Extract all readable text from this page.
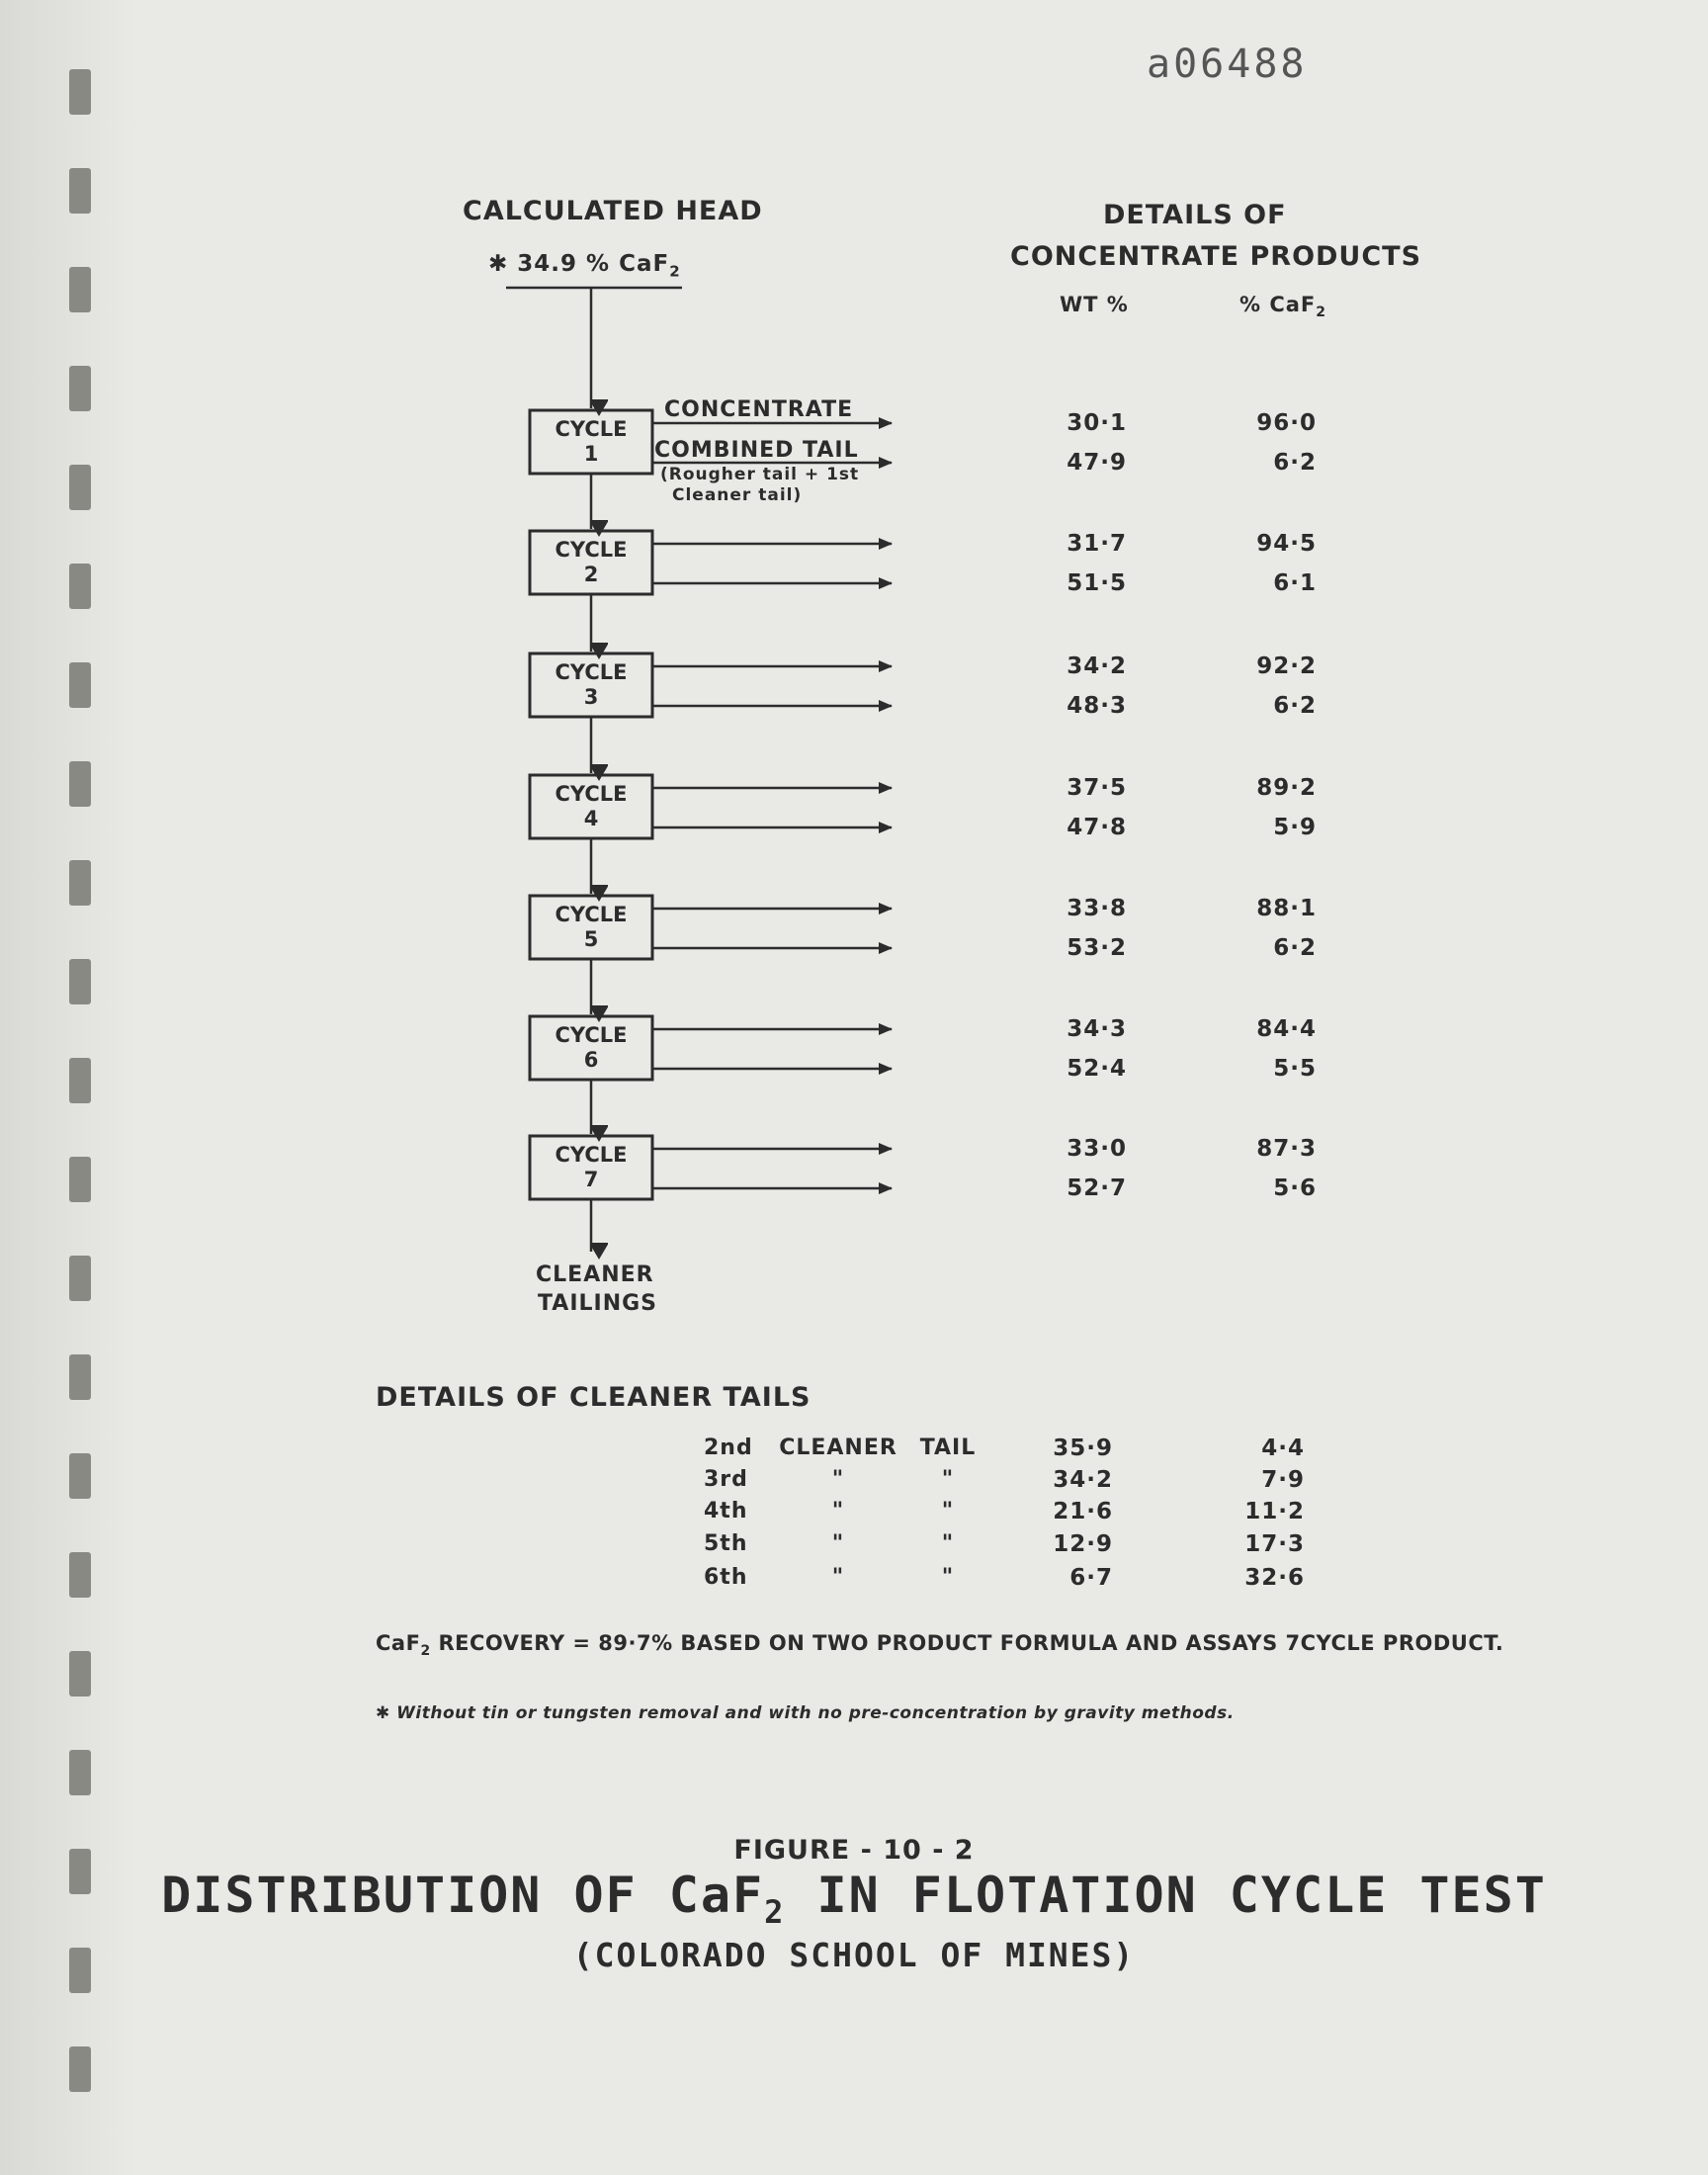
a06488
CALCULATED HEAD
✱ 34.9 % CaF$_2$
DETAILS OF
CONCENTRATE PRODUCTS
WT %	% CaF$_2$
CYCLE
1
CYCLE
2
CYCLE
3
CYCLE
4
CYCLE
5
CYCLE
6
CYCLE
7
CONCENTRATE
COMBINED TAIL
(Rougher tail + 1st
Cleaner tail)
30·1	96·0
47·9	6·2
31·7	94·5
51·5	6·1
34·2	92·2
48·3	6·2
37·5	89·2
47·8	5·9
33·8	88·1
53·2	6·2
34·3	84·4
52·4	5·5
33·0	87·3
52·7	5·6
CLEANER
TAILINGS
DETAILS OF CLEANER TAILS
2nd	CLEANER	TAIL	35·9	4·4
3rd	"	"	34·2	7·9
4th	"	"	21·6	11·2
5th	"	"	12·9	17·3
6th	"	"	6·7	32·6
CaF$_2$ RECOVERY = 89·7% BASED ON TWO PRODUCT FORMULA AND ASSAYS 7CYCLE PRODUCT.
✱ Without tin or tungsten removal and with no pre-concentration by gravity methods.
FIGURE - 10 - 2
DISTRIBUTION OF CaF$_2$ IN FLOTATION CYCLE TEST
(COLORADO SCHOOL OF MINES)
